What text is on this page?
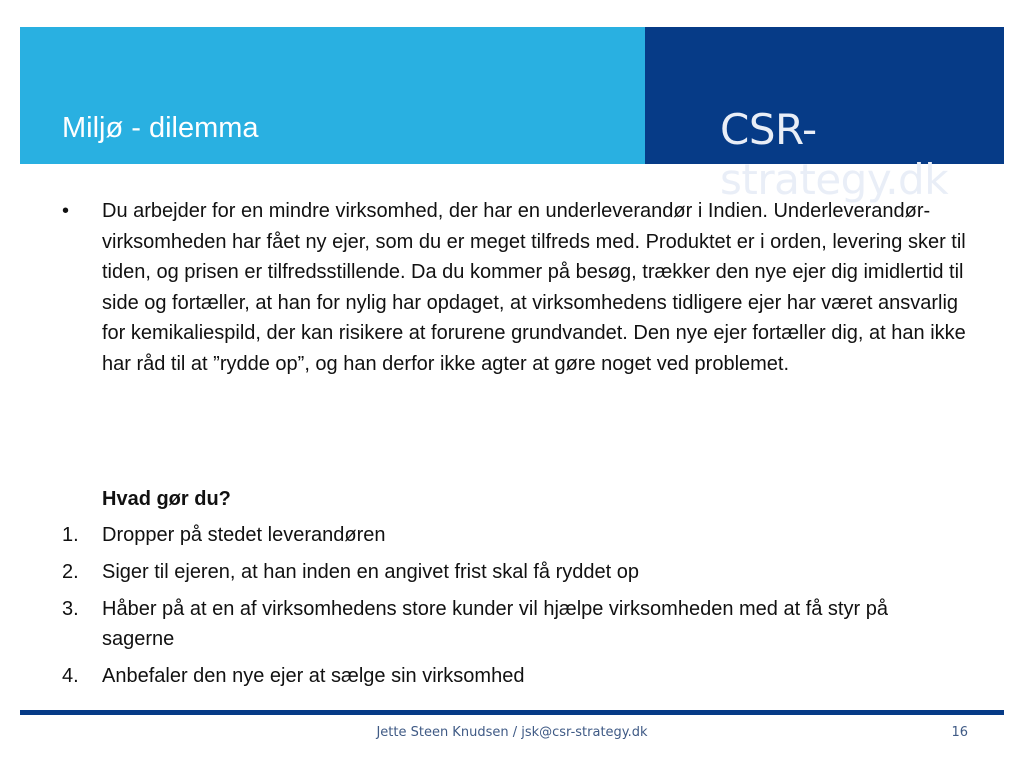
Miljø - dilemma	CSR-strategy.dk
• Du arbejder for en mindre virksomhed, der har en underleverandør i Indien. Underleverandør-virksomheden har fået ny ejer, som du er meget tilfreds med. Produktet er i orden, levering sker til tiden, og prisen er tilfredsstillende. Da du kommer på besøg, trækker den nye ejer dig imidlertid til side og fortæller, at han for nylig har opdaget, at virksomhedens tidligere ejer har været ansvarlig for kemikaliespild, der kan risikere at forurene grundvandet. Den nye ejer fortæller dig, at han ikke har råd til at ”rydde op”, og han derfor ikke agter at gøre noget ved problemet.
Hvad gør du?
1. Dropper på stedet leverandøren
2. Siger til ejeren, at han inden en angivet frist skal få ryddet op
3. Håber på at en af virksomhedens store kunder vil hjælpe virksomheden med at få styr på sagerne
4. Anbefaler den nye ejer at sælge sin virksomhed
Jette Steen Knudsen / jsk@csr-strategy.dk	16
